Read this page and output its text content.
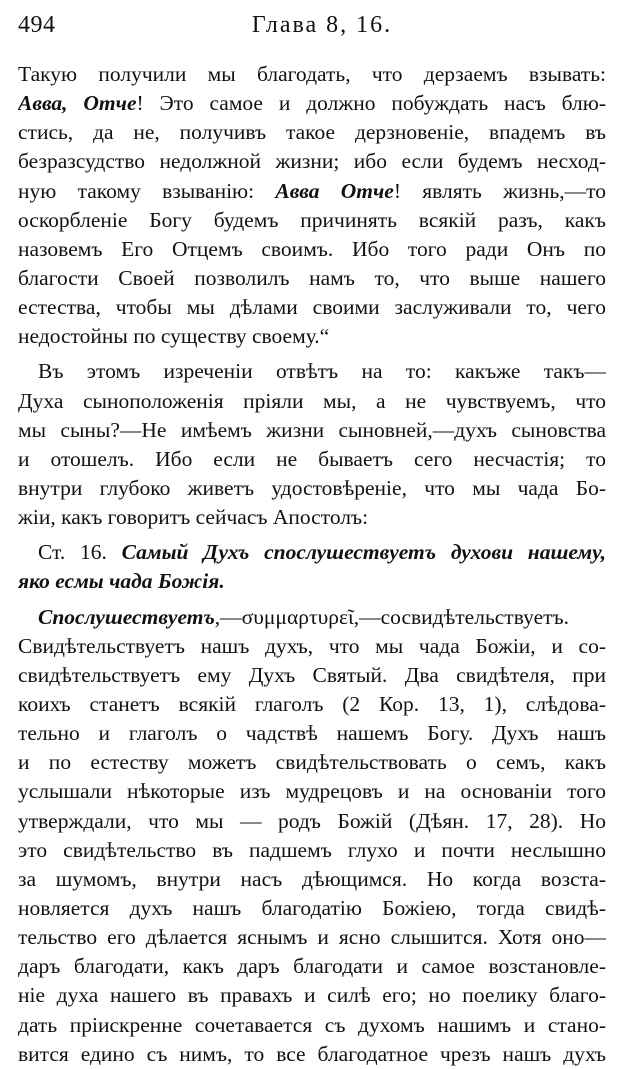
494	Глава 8, 16.
Такую получили мы благодать, что дерзаемъ взывать:
Авва, Отче! Это самое и должно побуждать насъ блю-
стись, да не, получивъ такое дерзновеніе, впадемъ въ
безразсудство недолжной жизни; ибо если будемъ несход-
ную такому взыванію: Авва Отче! являть жизнь,—то
оскорбленіе Богу будемъ причинять всякій разъ, какъ
назовемъ Его Отцемъ своимъ. Ибо того ради Онъ по
благости Своей позволилъ намъ то, что выше нашего
естества, чтобы мы дѣлами своими заслуживали то, чего
недостойны по существу своему.“
Въ этомъ изреченіи отвѣтъ на то: какъже такъ—
Духа сыноположенія пріяли мы, а не чувствуемъ, что
мы сыны?—Не имѣемъ жизни сыновней,—духъ сыновства
и отошелъ. Ибо если не бываетъ сего несчастія; то
внутри глубоко живетъ удостовѣреніе, что мы чада Бо-
жіи, какъ говоритъ сейчасъ Апостолъ:
Ст. 16. Самый Духъ спослушествуетъ духови нашему,
яко есмы чада Божія.
Спослушествуетъ,—συμμαρτυρεῖ,—сосвидѣтельствуетъ.
Свидѣтельствуетъ нашъ духъ, что мы чада Божіи, и со-
свидѣтельствуетъ ему Духъ Святый. Два свидѣтеля, при
коихъ станетъ всякій глаголъ (2 Кор. 13, 1), слѣдова-
тельно и глаголъ о чадствѣ нашемъ Богу. Духъ нашъ
и по естеству можетъ свидѣтельствовать о семъ, какъ
услышали нѣкоторые изъ мудрецовъ и на основаніи того
утверждали, что мы — родъ Божій (Дѣян. 17, 28). Но
это свидѣтельство въ падшемъ глухо и почти неслышно
за шумомъ, внутри насъ дѣющимся. Но когда возста-
новляется духъ нашъ благодатію Божіею, тогда свидѣ-
тельство его дѣлается яснымъ и ясно слышится. Хотя оно—
даръ благодати, какъ даръ благодати и самое возстановле-
ніе духа нашего въ правахъ и силѣ его; но поелику благо-
дать пріискренне сочетавается съ духомъ нашимъ и стано-
вится едино съ нимъ, то все благодатное чрезъ нашъ духъ
